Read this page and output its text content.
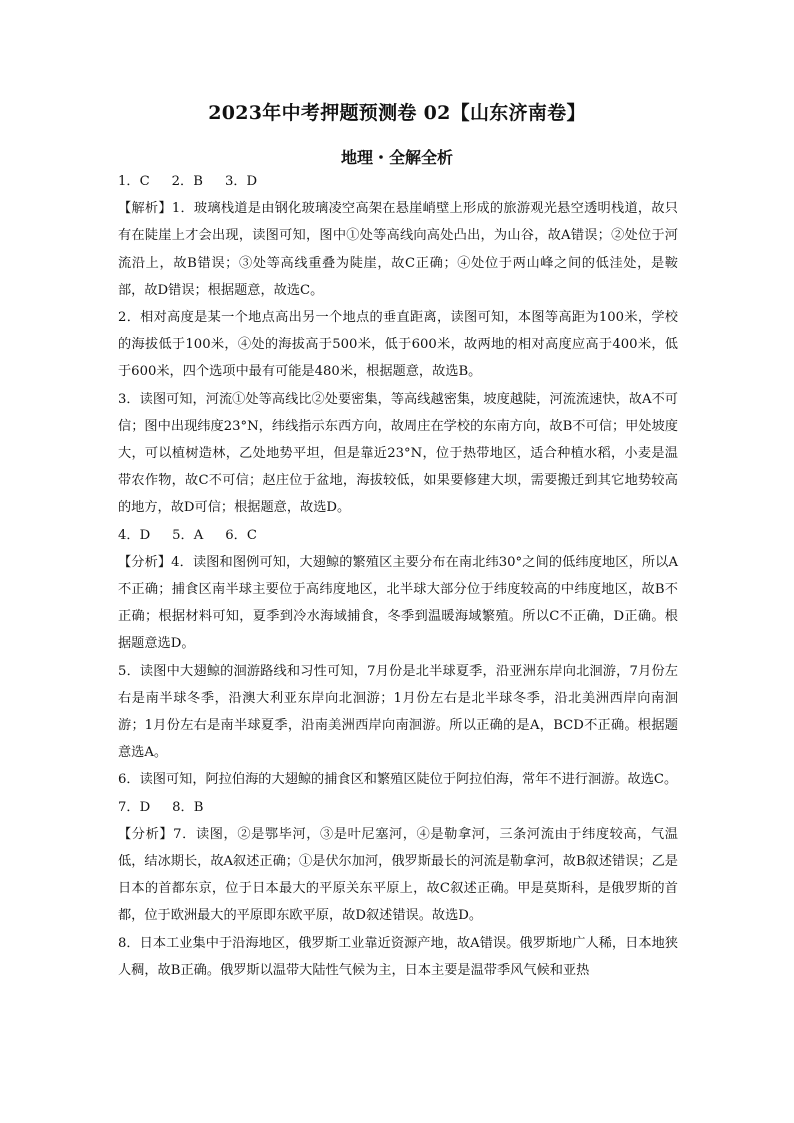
2023年中考押题预测卷 02【山东济南卷】
地理・全解全析

1．C 2．B 3．D

【解析】1．玻璃栈道是由钢化玻璃凌空高架在悬崖峭壁上形成的旅游观光悬空透明栈道，故只有在陡崖上才会出现，读图可知，图中①处等高线向高处凸出，为山谷，故A错误；②处位于河流沿上，故B错误；③处等高线重叠为陡崖，故C正确；④处位于两山峰之间的低洼处，是鞍部，故D错误；根据题意，故选C。

2．相对高度是某一个地点高出另一个地点的垂直距离，读图可知，本图等高距为100米，学校的海拔低于100米，④处的海拔高于500米，低于600米，故两地的相对高度应高于400米，低于600米，四个选项中最有可能是480米，根据题意，故选B。

3．读图可知，河流①处等高线比②处要密集，等高线越密集，坡度越陡，河流流速快，故A不可信；图中出现纬度23°N，纬线指示东西方向，故周庄在学校的东南方向，故B不可信；甲处坡度大，可以植树造林，乙处地势平坦，但是靠近23°N，位于热带地区，适合种植水稻，小麦是温带农作物，故C不可信；赵庄位于盆地，海拔较低，如果要修建大坝，需要搬迁到其它地势较高的地方，故D可信；根据题意，故选D。

4．D 5．A 6．C

【分析】4．读图和图例可知，大翅鲸的繁殖区主要分布在南北纬30°之间的低纬度地区，所以A不正确；捕食区南半球主要位于高纬度地区，北半球大部分位于纬度较高的中纬度地区，故B不正确；根据材料可知，夏季到冷水海域捕食，冬季到温暖海域繁殖。所以C不正确，D正确。根据题意选D。

5．读图中大翅鲸的洄游路线和习性可知，7月份是北半球夏季，沿亚洲东岸向北洄游，7月份左右是南半球冬季，沿澳大利亚东岸向北洄游；1月份左右是北半球冬季，沿北美洲西岸向南洄游；1月份左右是南半球夏季，沿南美洲西岸向南洄游。所以正确的是A，BCD不正确。根据题意选A。

6．读图可知，阿拉伯海的大翅鲸的捕食区和繁殖区陡位于阿拉伯海，常年不进行洄游。故选C。

7．D 8．B

【分析】7．读图，②是鄂毕河，③是叶尼塞河，④是勒拿河，三条河流由于纬度较高，气温低，结冰期长，故A叙述正确；①是伏尔加河，俄罗斯最长的河流是勒拿河，故B叙述错误；乙是日本的首都东京，位于日本最大的平原关东平原上，故C叙述正确。甲是莫斯科，是俄罗斯的首都，位于欧洲最大的平原即东欧平原，故D叙述错误。故选D。

8．日本工业集中于沿海地区，俄罗斯工业靠近资源产地，故A错误。俄罗斯地广人稀，日本地狭人稠，故B正确。俄罗斯以温带大陆性气候为主，日本主要是温带季风气候和亚热
